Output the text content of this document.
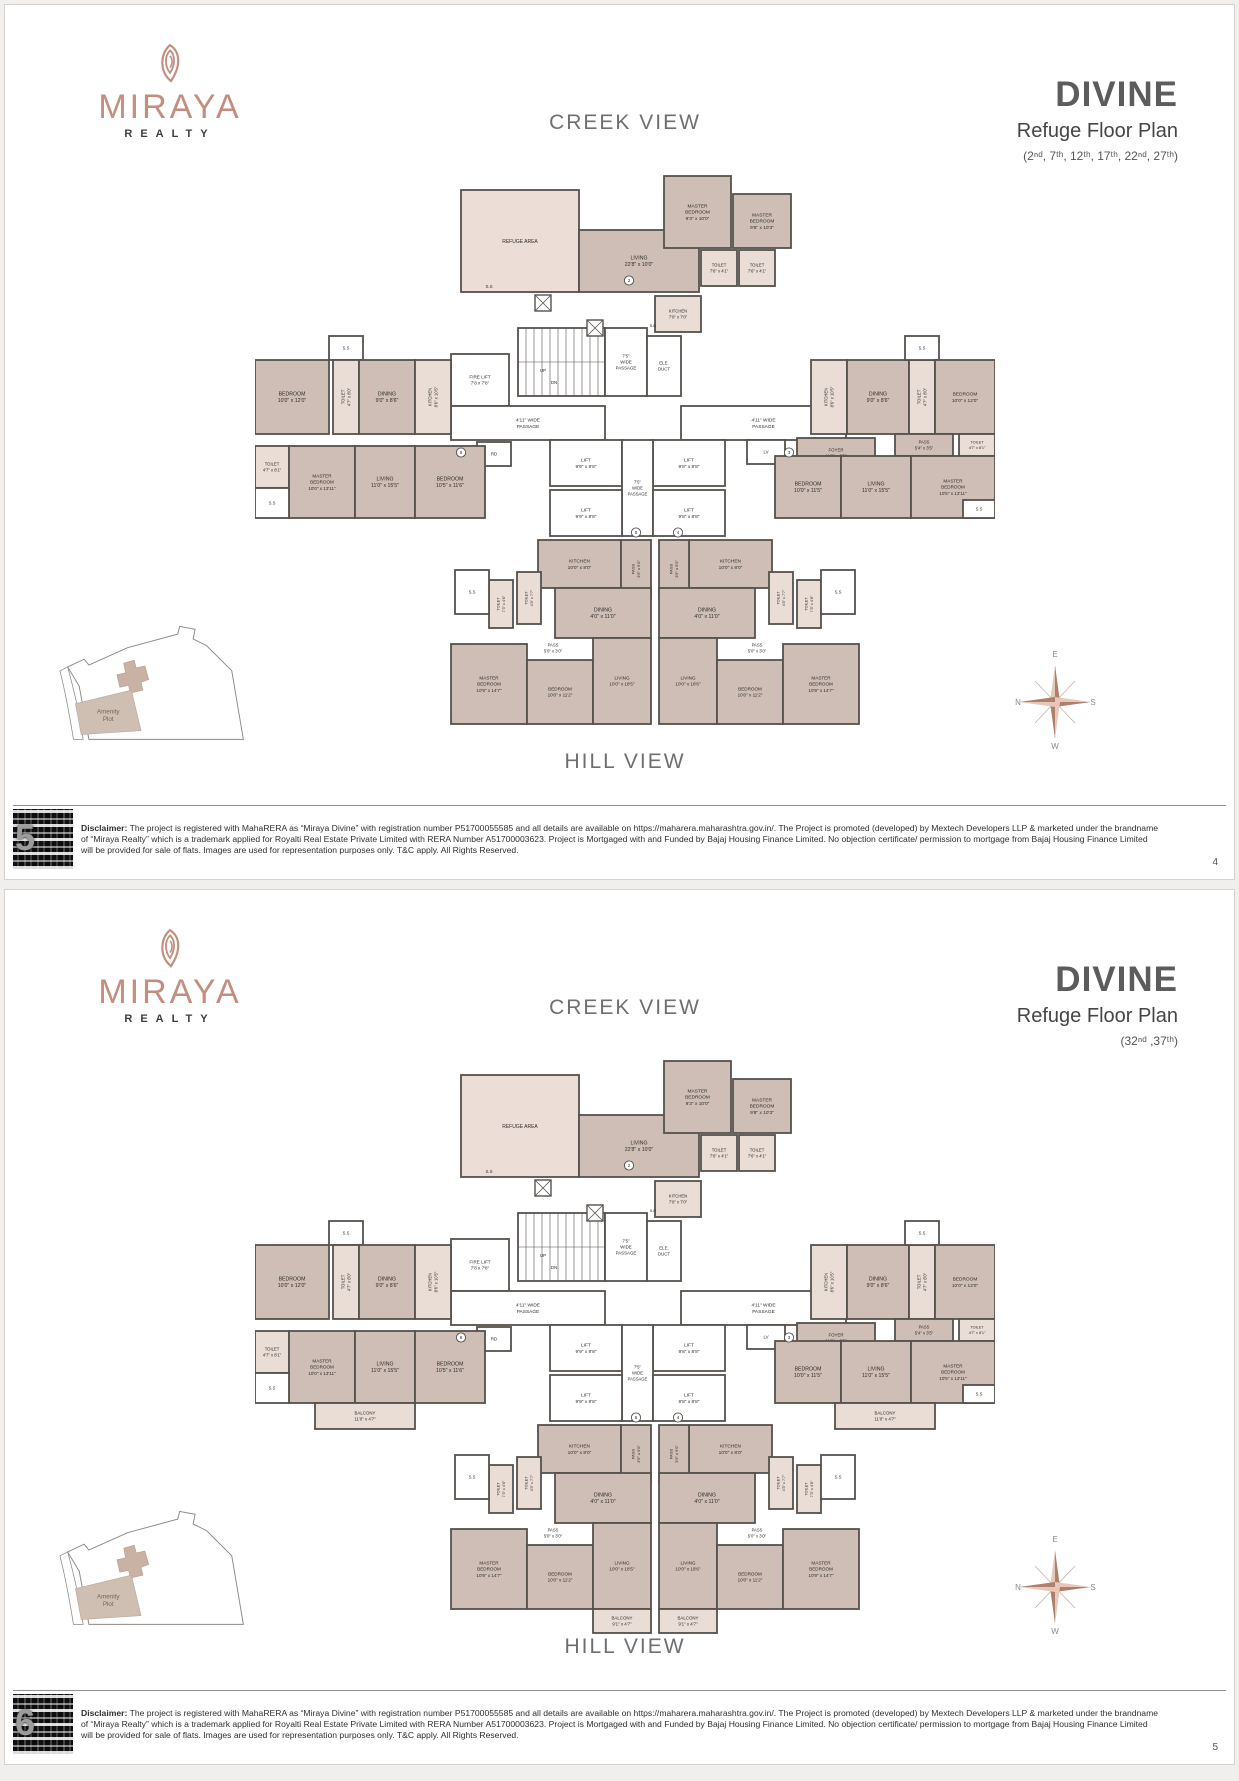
MIRAYA
REALTY	CREEK VIEW
DIVINE
Refuge Floor Plan
(2ⁿᵈ, 7ᵗʰ, 12ᵗʰ, 17ᵗʰ, 22ⁿᵈ, 27ᵗʰ)
REFUGE AREA
LIVING 22'8" x 10'0"
MASTER BEDROOM 9'3" x 10'0"
MASTER BEDROOM 9'8" x 10'3"
TOILET 7'6" x 4'1"
TOILET 7'6" x 4'1"
KITCHEN 7'0" x 7'0"
7'5" WIDE PASSAGE
ELE. DUCT
FIRE LIFT 7'8 x 7'8"
4'11" WIDE PASSAGE
4'11" WIDE PASSAGE
RD	LV	FOYER
LIFT 9'9" x 8'8"
LIFT 9'8" x 8'8"
7'5" WIDE PASSAGE
LIFT 9'9" x 8'8"
LIFT 9'8" x 8'8"
BEDROOM 10'0" x 12'0"
S.S
TOILET4'7" x 8'0"	DINING 9'0" x 8'6"	KITCHEN8'6" x 10'5"
TOILET 4'7" x 8'1"
MASTER BEDROOM 10'0" x 13'11"
LIVING 11'0" x 15'5"
BEDROOM 10'5" x 11'6"
S.S
KITCHEN8'6" x 10'5"	DINING 9'0" x 8'6"	TOILET4'7" x 8'0"
S.S
BEDROOM 10'0" x 12'0"
PASS 5'4" x 3'5"
TOILET 4'7" x 8'1"
BEDROOM 10'0" x 11'5"
LIVING 11'0" x 15'5"
MASTER BEDROOM 10'5" x 13'11"
S.S
KITCHEN 10'0" x 8'0"
KITCHEN 10'0" x 8'0"
PASS3'5" x 9'0"	PASS3'5" x 9'0"
DINING 4'0" x 11'0"
DINING 4'0" x 11'0"
TOILET4'3" x 7'7"
TOILET7'3" x 4'6"
S.S	TOILET4'3" x 7'7"	TOILET7'3" x 4'6"
S.S
PASS 5'0" x 3'0"
PASS 5'0" x 3'0"
MASTER BEDROOM 10'9" x 14'7"	BEDROOM 10'0" x 11'2"
LIVING 10'0" x 18'5"
LIVING 10'0" x 18'6"
BEDROOM 10'0" x 11'2"
MASTER BEDROOM 10'9" x 14'7"
S.S
UP
DN
S.D
2
6	3
5	4
Amenity
Plot
E
N	S
W
HILL VIEW
5	Disclaimer: The project is registered with MahaRERA as “Miraya Divine” with registration number P51700055585 and all details are available on https://maharera.maharashtra.gov.in/. The Project is promoted (developed) by Mextech Developers LLP & marketed under the brandname
of “Miraya Realty” which is a trademark applied for Royalti Real Estate Private Limited with RERA Number A51700003623. Project is Mortgaged with and Funded by Bajaj Housing Finance Limited. No objection certificate/ permission to mortgage from Bajaj Housing Finance Limited
will be provided for sale of flats. Images are used for representation purposes only. T&C apply. All Rights Reserved.

4
MIRAYA
REALTY	CREEK VIEW
DIVINE
Refuge Floor Plan
(32ⁿᵈ ,37ᵗʰ)
REFUGE AREA
LIVING 22'8" x 10'0"
MASTER BEDROOM 9'3" x 10'0"
MASTER BEDROOM 9'8" x 10'3"
TOILET 7'6" x 4'1"
TOILET 7'6" x 4'1"
KITCHEN 7'0" x 7'0"
7'5" WIDE PASSAGE
ELE. DUCT
FIRE LIFT 7'8 x 7'8"
4'11" WIDE PASSAGE
4'11" WIDE PASSAGE
RD	LV	FOYER
LIFT 9'9" x 8'8"
LIFT 9'8" x 8'8"
7'5" WIDE PASSAGE
LIFT 9'9" x 8'8"
LIFT 9'8" x 8'8"
BEDROOM 10'0" x 12'0"
S.S
TOILET4'7" x 8'0"	DINING 9'0" x 8'6"	KITCHEN8'6" x 10'5"
TOILET 4'7" x 8'1"
MASTER BEDROOM 10'0" x 13'11"
LIVING 11'0" x 15'5"
BEDROOM 10'5" x 11'6"
S.S
KITCHEN8'6" x 10'5"	DINING 9'0" x 8'6"	TOILET4'7" x 8'0"
S.S
BEDROOM 10'0" x 12'0"
PASS 5'4" x 3'5"
TOILET 4'7" x 8'1"
BEDROOM 10'0" x 11'5"
LIVING 11'0" x 15'5"
MASTER BEDROOM 10'5" x 13'11"
S.S
KITCHEN 10'0" x 8'0"
KITCHEN 10'0" x 8'0"
PASS3'5" x 9'0"	PASS3'5" x 9'0"
DINING 4'0" x 11'0"
DINING 4'0" x 11'0"
TOILET4'3" x 7'7"
TOILET7'3" x 4'6"
S.S	TOILET4'3" x 7'7"	TOILET7'3" x 4'6"
S.S
PASS 5'0" x 3'0"
PASS 5'0" x 3'0"
MASTER BEDROOM 10'9" x 14'7"	BEDROOM 10'0" x 11'2"
LIVING 10'0" x 18'5"
LIVING 10'0" x 18'6"
BEDROOM 10'0" x 11'2"
MASTER BEDROOM 10'9" x 14'7"
BALCONY 11'0" x 4'7"
BALCONY 11'0" x 4'7"
BALCONY 9'1" x 4'7"
BALCONY 9'1" x 4'7"
S.S
UP
DN
S.D
2
6	3
5	4
Amenity
Plot
E
N	S
W
HILL VIEW
6	Disclaimer: The project is registered with MahaRERA as “Miraya Divine” with registration number P51700055585 and all details are available on https://maharera.maharashtra.gov.in/. The Project is promoted (developed) by Mextech Developers LLP & marketed under the brandname
of “Miraya Realty” which is a trademark applied for Royalti Real Estate Private Limited with RERA Number A51700003623. Project is Mortgaged with and Funded by Bajaj Housing Finance Limited. No objection certificate/ permission to mortgage from Bajaj Housing Finance Limited
will be provided for sale of flats. Images are used for representation purposes only. T&C apply. All Rights Reserved.

5
